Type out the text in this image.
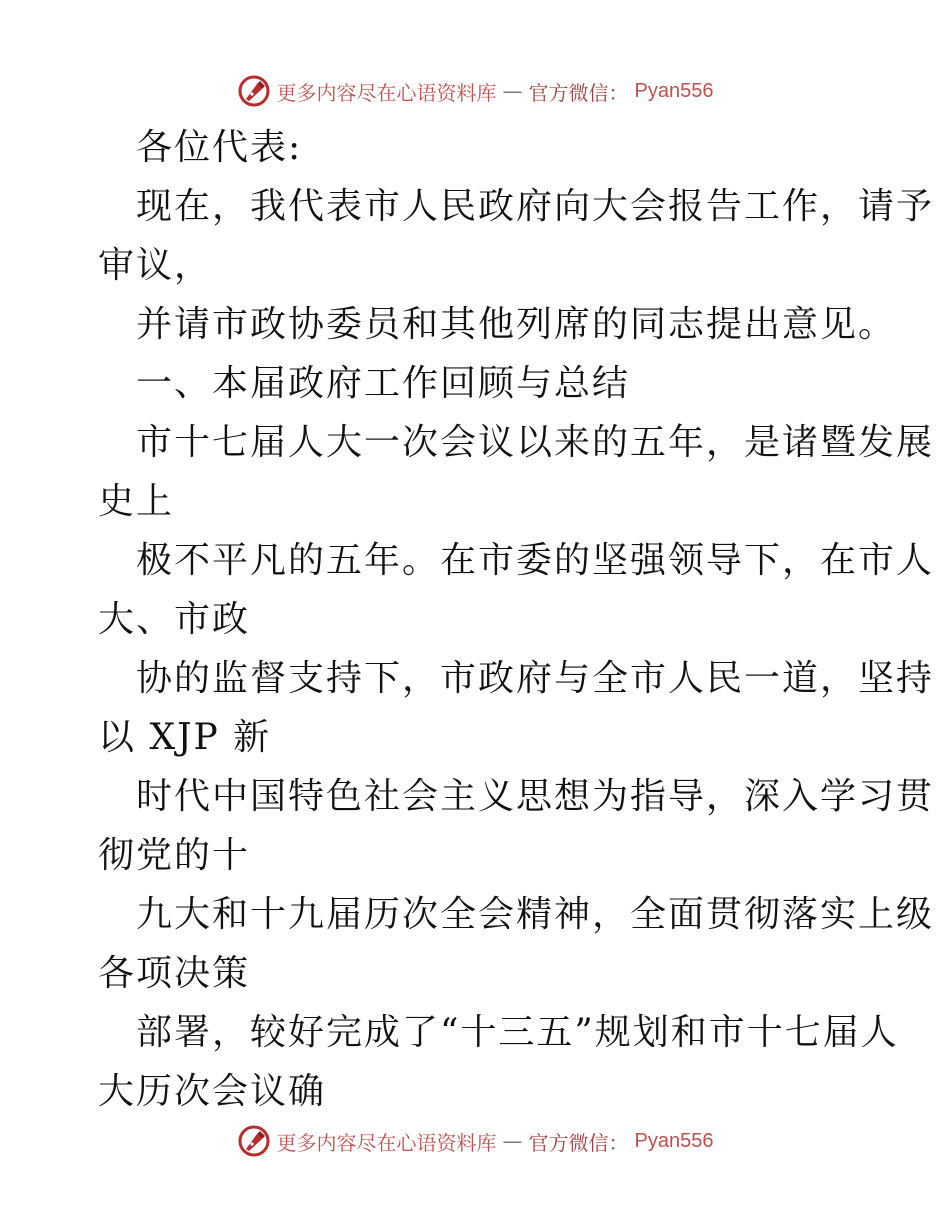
更多内容尽在心语资料库 — 官方微信： Pyan556
各位代表:
现在，我代表市人民政府向大会报告工作，请予
审议，
并请市政协委员和其他列席的同志提出意见。
一、本届政府工作回顾与总结
市十七届人大一次会议以来的五年，是诸暨发展
史上
极不平凡的五年。在市委的坚强领导下，在市人
大、市政
协的监督支持下，市政府与全市人民一道，坚持
以 XJP 新
时代中国特色社会主义思想为指导，深入学习贯
彻党的十
九大和十九届历次全会精神，全面贯彻落实上级
各项决策
部署，较好完成了“十三五”规划和市十七届人
大历次会议确
更多内容尽在心语资料库 — 官方微信： Pyan556
